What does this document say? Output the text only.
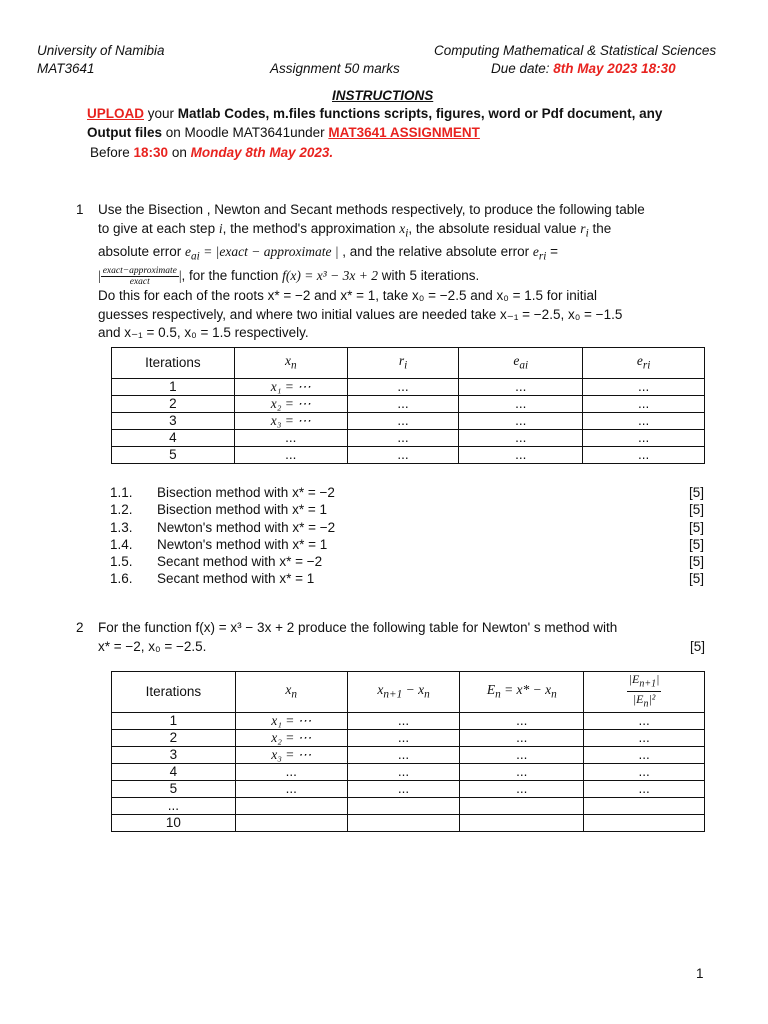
University of Namibia
MAT3641
Computing Mathematical & Statistical Sciences
Assignment 50 marks	Due date: 8th May 2023 18:30
INSTRUCTIONS
UPLOAD your Matlab Codes, m.files functions scripts, figures, word or Pdf document, any
Output files on Moodle MAT3641under MAT3641 ASSIGNMENT
Before 18:30 on Monday 8th May 2023.
1 Use the Bisection , Newton and Secant methods respectively, to produce the following table
to give at each step i, the method's approximation $x_i$, the absolute residual value $r_i$ the
absolute error $e_{ai}$ = |exact − approximate | , and the relative absolute error $e_{ri}$ =
| $\frac{\text{exact−approximate}}{\text{exact}}$ |, for the function f(x) = x³ − 3x + 2 with 5 iterations.
Do this for each of the roots x* = −2 and x* = 1, take x₀ = −2.5 and x₀ = 1.5 for initial
guesses respectively, and where two initial values are needed take x₋₁ = −2.5, x₀ = −1.5
and x₋₁ = 0.5, x₀ = 1.5 respectively.
Iterations	$x_n$	$r_i$	$e_{ai}$	$e_{ri}$
1	x₁ = ⋯	...	...	...
2	x₂ = ⋯	...	...	...
3	x₃ = ⋯	...	...	...
4	...	...	...	...
5	...	...	...	...
1.1. Bisection method with x* = −2	[5]
1.2. Bisection method with x* = 1	[5]
1.3. Newton's method with x* = −2	[5]
1.4. Newton's method with x* = 1	[5]
1.5. Secant method with x* = −2	[5]
1.6. Secant method with x* = 1	[5]
2 For the function f(x) = x³ − 3x + 2 produce the following table for Newton' s method with
x* = −2, x₀ = −2.5.	[5]
Iterations	$x_n$	$x_{n+1} - x_n$	$E_n = x* - x_n$	$\frac{|E_{n+1}|}{|E_n|^2}$

1	x₁ = ⋯	...	...	...
2	x₂ = ⋯	...	...	...
3	x₃ = ⋯	...	...	...
4	...	...	...	...
5	...	...	...	...
...				
10				
1
